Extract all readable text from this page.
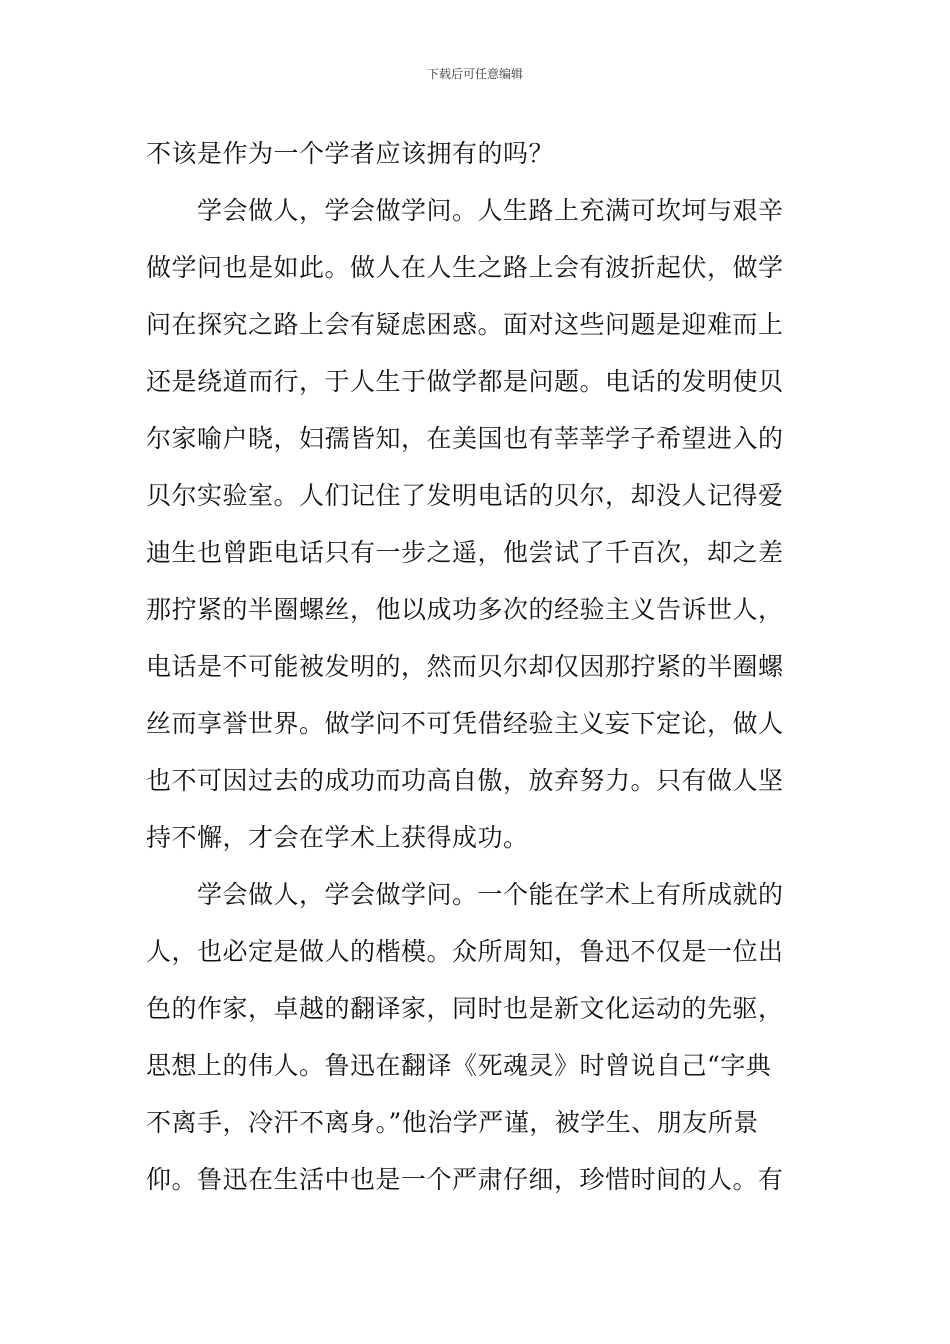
下载后可任意编辑
不该是作为一个学者应该拥有的吗？
　　学会做人，学会做学问。人生路上充满可坎坷与艰辛
做学问也是如此。做人在人生之路上会有波折起伏，做学
问在探究之路上会有疑虑困惑。面对这些问题是迎难而上
还是绕道而行，于人生于做学都是问题。电话的发明使贝
尔家喻户晓，妇孺皆知，在美国也有莘莘学子希望进入的
贝尔实验室。人们记住了发明电话的贝尔，却没人记得爱
迪生也曾距电话只有一步之遥，他尝试了千百次，却之差
那拧紧的半圈螺丝，他以成功多次的经验主义告诉世人，
电话是不可能被发明的，然而贝尔却仅因那拧紧的半圈螺
丝而享誉世界。做学问不可凭借经验主义妄下定论，做人
也不可因过去的成功而功高自傲，放弃努力。只有做人坚
持不懈，才会在学术上获得成功。
　　学会做人，学会做学问。一个能在学术上有所成就的
人，也必定是做人的楷模。众所周知，鲁迅不仅是一位出
色的作家，卓越的翻译家，同时也是新文化运动的先驱，
思想上的伟人。鲁迅在翻译《死魂灵》时曾说自己“字典
不离手，冷汗不离身。”他治学严谨，被学生、朋友所景
仰。鲁迅在生活中也是一个严肃仔细，珍惜时间的人。有
